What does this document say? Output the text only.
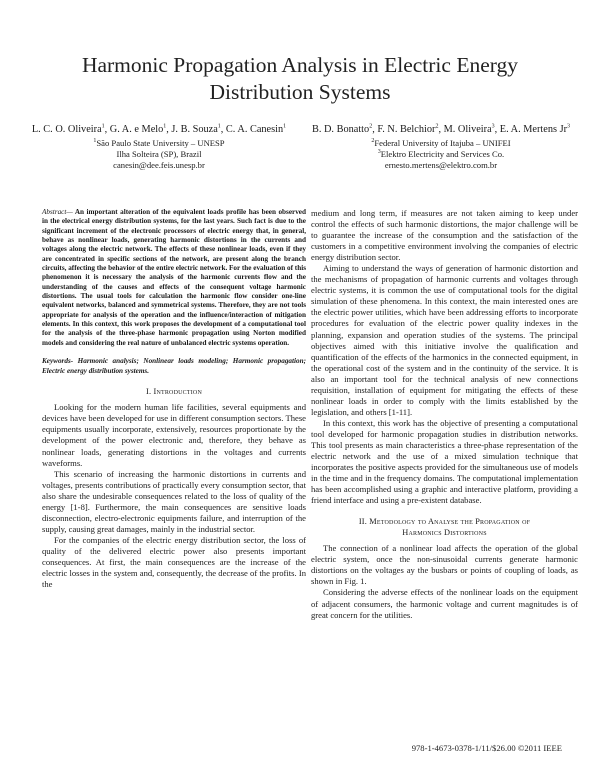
Harmonic Propagation Analysis in Electric Energy Distribution Systems
L. C. O. Oliveira$^1$, G. A. e Melo$^1$, J. B. Souza$^1$, C. A. Canesin$^1$
$^1$São Paulo State University – UNESP
Ilha Solteira (SP), Brazil
canesin@dee.feis.unesp.br
B. D. Bonatto$^2$, F. N. Belchior$^2$, M. Oliveira$^3$, E. A. Mertens Jr$^3$
$^2$Federal University of Itajuba – UNIFEI
$^3$Elektro Electricity and Services Co.
ernesto.mertens@elektro.com.br

Abstract— An important alteration of the equivalent loads profile has been observed in the electrical energy distribution systems, for the last years. Such fact is due to the significant increment of the electronic processors of electric energy that, in general, behave as nonlinear loads, generating harmonic distortions in the currents and voltages along the electric network. The effects of these nonlinear loads, even if they are concentrated in specific sections of the network, are present along the branch circuits, affecting the behavior of the entire electric network. For the evaluation of this phenomenon it is necessary the analysis of the harmonic currents flow and the understanding of the causes and effects of the consequent voltage harmonic distortions. The usual tools for calculation the harmonic flow consider one-line equivalent networks, balanced and symmetrical systems. Therefore, they are not tools appropriate for analysis of the operation and the influence/interaction of mitigation elements. In this context, this work proposes the development of a computational tool for the analysis of the three-phase harmonic propagation using Norton modified models and considering the real nature of unbalanced electric systems operation.

Keywords- Harmonic analysis; Nonlinear loads modeling; Harmonic propagation; Electric energy distribution systems.

I. Introduction

Looking for the modern human life facilities, several equipments and devices have been developed for use in different consumption sectors. These equipments usually incorporate, extensively, resources proportionate by the development of the power electronic and, therefore, they behave as nonlinear loads, generating distortions in the voltages and currents waveforms.

This scenario of increasing the harmonic distortions in currents and voltages, presents contributions of practically every consumption sector, that also share the undesirable consequences related to the loss of quality of the energy [1-8]. Furthermore, the main consequences are sensitive loads disconnection, electro-electronic equipments failure, and interruption of the supply, causing great damages, mainly in the industrial sector.

For the companies of the electric energy distribution sector, the loss of quality of the delivered electric power also presents important consequences. At first, the main consequences are the increase of the electric losses in the system and, consequently, the decrease of the profits. In the

medium and long term, if measures are not taken aiming to keep under control the effects of such harmonic distortions, the major challenge will be to guarantee the increase of the consumption and the satisfaction of the customers in a competitive environment involving the companies of electric energy distribution sector.

Aiming to understand the ways of generation of harmonic distortion and the mechanisms of propagation of harmonic currents and voltages through electric systems, it is common the use of computational tools for the digital simulation of these phenomena. In this context, the main interested ones are the electric power utilities, which have been addressing efforts to incorporate procedures for evaluation of the electric power quality indexes in the planning, expansion and operation studies of the systems. The principal objectives aimed with this initiative involve the qualification and quantification of the effects of the harmonics in the connected equipment, in the operational cost of the system and in the continuity of the service. It is also an important tool for the technical analysis of new connections requisition, installation of equipment for mitigating the effects of these nonlinear loads in order to comply with the limits established by the legislation, and others [1-11].

In this context, this work has the objective of presenting a computational tool developed for harmonic propagation studies in distribution networks. This tool presents as main characteristics a three-phase representation of the electric network and the use of a mixed simulation technique that incorporates the positive aspects provided for the simultaneous use of models in the time and in the frequency domains. The computational implementation has been accomplished using a graphic and interactive platform, providing a friend interface and using a pre-existent database.

II. Metodology to Analyse the Propagation of
Harmonics Distortions

The connection of a nonlinear load affects the operation of the global electric system, once the non-sinusoidal currents generate harmonic distortions on the voltages ay the busbars or points of coupling of loads, as shown in Fig. 1.

Considering the adverse effects of the nonlinear loads on the equipment of adjacent consumers, the harmonic voltage and current magnitudes is of great concern for the utilities.

978-1-4673-0378-1/11/$26.00 ©2011 IEEE
